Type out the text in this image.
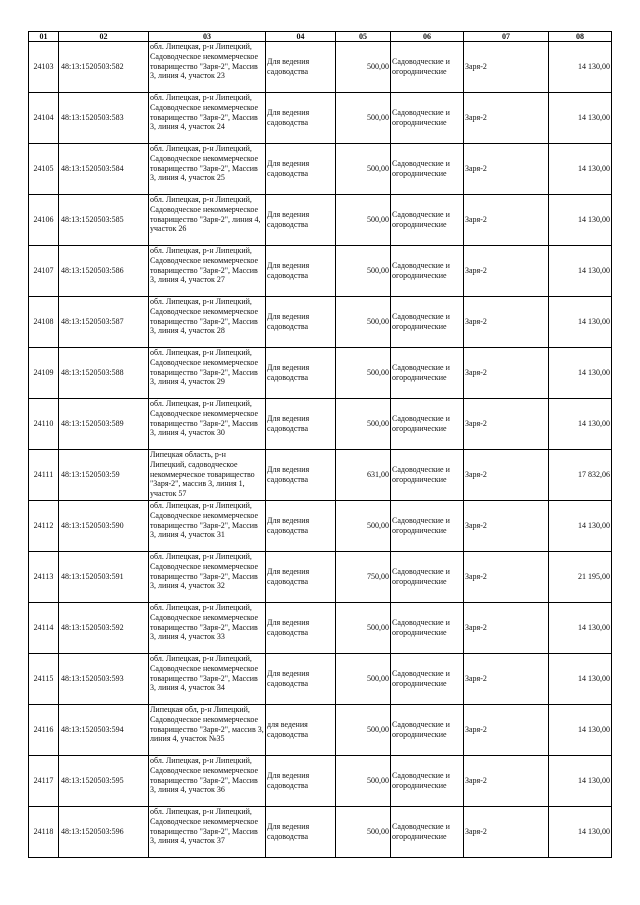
01	02	03	04	05	06	07	08
24103	48:13:1520503:582	обл. Липецкая, р-н Липецкий, Садоводческое некоммерческое товарищество "Заря-2", Массив 3, линия 4, участок 23	Для ведения садоводства	500,00	Садоводческие и огороднические	Заря-2	14 130,00
24104	48:13:1520503:583	обл. Липецкая, р-н Липецкий, Садоводческое некоммерческое товарищество "Заря-2", Массив 3, линия 4, участок 24	Для ведения садоводства	500,00	Садоводческие и огороднические	Заря-2	14 130,00
24105	48:13:1520503:584	обл. Липецкая, р-н Липецкий, Садоводческое некоммерческое товарищество "Заря-2", Массив 3, линия 4, участок 25	Для ведения садоводства	500,00	Садоводческие и огороднические	Заря-2	14 130,00
24106	48:13:1520503:585	обл. Липецкая, р-н Липецкий, Садоводческое некоммерческое товарищество "Заря-2", линия 4, участок 26	Для ведения садоводства	500,00	Садоводческие и огороднические	Заря-2	14 130,00
24107	48:13:1520503:586	обл. Липецкая, р-н Липецкий, Садоводческое некоммерческое товарищество "Заря-2", Массив 3, линия 4, участок 27	Для ведения садоводства	500,00	Садоводческие и огороднические	Заря-2	14 130,00
24108	48:13:1520503:587	обл. Липецкая, р-н Липецкий, Садоводческое некоммерческое товарищество "Заря-2", Массив 3, линия 4, участок 28	Для ведения садоводства	500,00	Садоводческие и огороднические	Заря-2	14 130,00
24109	48:13:1520503:588	обл. Липецкая, р-н Липецкий, Садоводческое некоммерческое товарищество "Заря-2", Массив 3, линия 4, участок 29	Для ведения садоводства	500,00	Садоводческие и огороднические	Заря-2	14 130,00
24110	48:13:1520503:589	обл. Липецкая, р-н Липецкий, Садоводческое некоммерческое товарищество "Заря-2", Массив 3, линия 4, участок 30	Для ведения садоводства	500,00	Садоводческие и огороднические	Заря-2	14 130,00
24111	48:13:1520503:59	Липецкая область, р-н Липецкий, садоводческое некоммерческое товарищество "Заря-2", массив 3, линия 1, участок 57	Для ведения садоводства	631,00	Садоводческие и огороднические	Заря-2	17 832,06
24112	48:13:1520503:590	обл. Липецкая, р-н Липецкий, Садоводческое некоммерческое товарищество "Заря-2", Массив 3, линия 4, участок 31	Для ведения садоводства	500,00	Садоводческие и огороднические	Заря-2	14 130,00
24113	48:13:1520503:591	обл. Липецкая, р-н Липецкий, Садоводческое некоммерческое товарищество "Заря-2", Массив 3, линия 4, участок 32	Для ведения садоводства	750,00	Садоводческие и огороднические	Заря-2	21 195,00
24114	48:13:1520503:592	обл. Липецкая, р-н Липецкий, Садоводческое некоммерческое товарищество "Заря-2", Массив 3, линия 4, участок 33	Для ведения садоводства	500,00	Садоводческие и огороднические	Заря-2	14 130,00
24115	48:13:1520503:593	обл. Липецкая, р-н Липецкий, Садоводческое некоммерческое товарищество "Заря-2", Массив 3, линия 4, участок 34	Для ведения садоводства	500,00	Садоводческие и огороднические	Заря-2	14 130,00
24116	48:13:1520503:594	Липецкая обл, р-н Липецкий, Садоводческое некоммерческое товарищество "Заря-2", массив 3, линия 4, участок №35	для ведения садоводства	500,00	Садоводческие и огороднические	Заря-2	14 130,00
24117	48:13:1520503:595	обл. Липецкая, р-н Липецкий, Садоводческое некоммерческое товарищество "Заря-2", Массив 3, линия 4, участок 36	Для ведения садоводства	500,00	Садоводческие и огороднические	Заря-2	14 130,00
24118	48:13:1520503:596	обл. Липецкая, р-н Липецкий, Садоводческое некоммерческое товарищество "Заря-2", Массив 3, линия 4, участок 37	Для ведения садоводства	500,00	Садоводческие и огороднические	Заря-2	14 130,00
